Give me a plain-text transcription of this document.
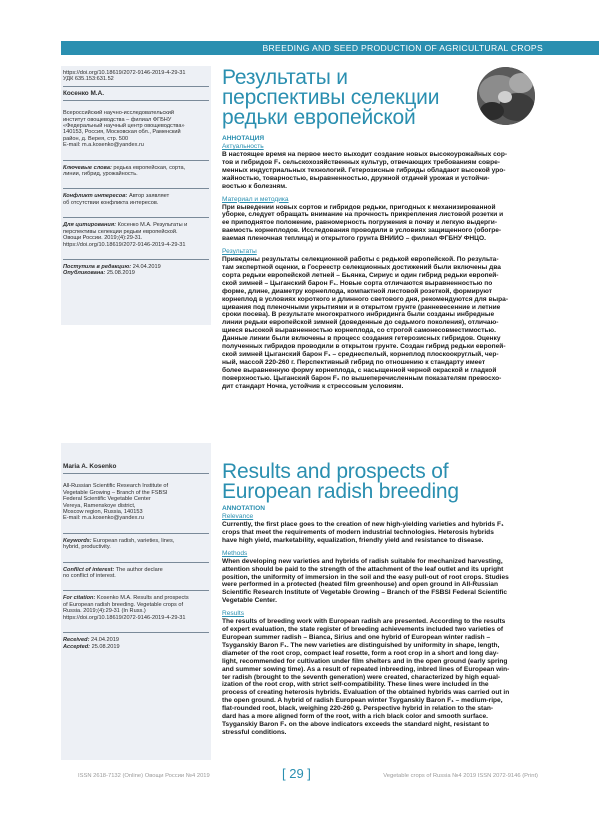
BREEDING AND SEED PRODUCTION OF AGRICULTURAL CROPS

https://doi.org/10.18619/2072-9146-2019-4-29-31

УДК 635.153:631.52

Косенко М.А.

Всероссийский научно-исследовательский
институт овощеводства – филиал ФГБНУ
«Федеральный научный центр овощеводства»
140153, Россия, Московская обл., Раменский
район, д. Верея, стр. 500
E-mail: m.a.kosenko@yandex.ru
Ключевые слова: редька европейская, сорта,
линии, гибрид, урожайность.
Конфликт интересов: Автор заявляет
об отсутствии конфликта интересов.
Для цитирования: Косенко М.А. Результаты и
перспективы селекции редьки европейской.
Овощи России. 2019;(4):29-31.
https://doi.org/10.18619/2072-9146-2019-4-29-31
Поступила в редакцию: 24.04.2019
Опубликована: 25.08.2019
Результаты и
перспективы селекции
редьки европейской
АННОТАЦИЯ
Актуальность
В настоящее время на первое место выходит создание новых высокоурожайных сор-
тов и гибридов F₁ сельскохозяйственных культур, отвечающих требованиям совре-
менных индустриальных технологий. Гетерозисные гибриды обладают высокой уро-
жайностью, товарностью, выравненностью, дружной отдачей урожая и устойчи-
востью к болезням.
Материал и методика
При выведении новых сортов и гибридов редьки, пригодных к механизированной
уборке, следует обращать внимание на прочность прикрепления листовой розетки и
ее приподнятое положение, равномерность погружения в почву и легкую выдерги-
ваемость корнеплодов. Исследования проводили в условиях защищенного (обогре-
ваемая пленочная теплица) и открытого грунта ВНИИО – филиал ФГБНУ ФНЦО.
Результаты
Приведены результаты селекционной работы с редькой европейской. По результа-
там экспертной оценки, в Госреестр селекционных достижений были включены два
сорта редьки европейской летней – Бьянка, Сириус и один гибрид редьки европей-
ской зимней – Цыганский барон F₁. Новые сорта отличаются выравненностью по
форме, длине, диаметру корнеплода, компактной листовой розеткой, формируют
корнеплод в условиях короткого и длинного светового дня, рекомендуются для выра-
щивания под пленочными укрытиями и в открытом грунте (ранневесенние и летние
сроки посева). В результате многократного инбридинга были созданы инбредные
линии редьки европейской зимней (доведенные до седьмого поколения), отличаю-
щиеся высокой выравненностью корнеплода, со строгой самонесовместимостью.
Данные линии были включены в процесс создания гетерозисных гибридов. Оценку
полученных гибридов проводили в открытом грунте. Создан гибрид редьки европей-
ской зимней Цыганский барон F₁ – среднеспелый, корнеплод плоскоокруглый, чер-
ный, массой 220-260 г. Перспективный гибрид по отношению к стандарту имеет
более выравненную форму корнеплода, с насыщенной черной окраской и гладкой
поверхностью. Цыганский барон F₁ по вышеперечисленным показателям превосхо-
дит стандарт Ночка, устойчив к стрессовым условиям.

Maria A. Kosenko

All-Russian Scientific Research Institute of
Vegetable Growing – Branch of the FSBSI
Federal Scientific Vegetable Center
Vereya, Ramenskoye district,
Moscow region, Russia, 140153
E-mail: m.a.kosenko@yandex.ru
Keywords: European radish, varieties, lines,
hybrid, productivity.
Conflict of interest: The author declare
no conflict of interest.
For citation: Kosenko M.A. Results and prospects
of European radish breeding. Vegetable crops of
Russia. 2019;(4):29-31 (In Russ.)
https://doi.org/10.18619/2072-9146-2019-4-29-31
Received: 24.04.2019
Accepted: 25.08.2019
Results and prospects of
European radish breeding
ANNOTATION
Relevance
Currently, the first place goes to the creation of new high-yielding varieties and hybrids F₁
crops that meet the requirements of modern industrial technologies. Heterosis hybrids
have high yield, marketability, equalization, friendly yield and resistance to disease.
Methods
When developing new varieties and hybrids of radish suitable for mechanized harvesting,
attention should be paid to the strength of the attachment of the leaf outlet and its upright
position, the uniformity of immersion in the soil and the easy pull-out of root crops. Studies
were performed in a protected (heated film greenhouse) and open ground in All-Russian
Scientific Research Institute of Vegetable Growing – Branch of the FSBSI Federal Scientific
Vegetable Center.
Results
The results of breeding work with European radish are presented. According to the results
of expert evaluation, the state register of breeding achievements included two varieties of
European summer radish – Bianca, Sirius and one hybrid of European winter radish –
Tsyganskiy Baron F₁. The new varieties are distinguished by uniformity in shape, length,
diameter of the root crop, compact leaf rosette, form a root crop in a short and long day-
light, recommended for cultivation under film shelters and in the open ground (early spring
and summer sowing time). As a result of repeated inbreeding, inbred lines of European win-
ter radish (brought to the seventh generation) were created, characterized by high equal-
ization of the root crop, with strict self-compatibility. These lines were included in the
process of creating heterosis hybrids. Evaluation of the obtained hybrids was carried out in
the open ground. A hybrid of radish European winter Tsyganskiy Baron F₁ – medium-ripe,
flat-rounded root, black, weighing 220-260 g. Perspective hybrid in relation to the stan-
dard has a more aligned form of the root, with a rich black color and smooth surface.
Tsyganskiy Baron F₁ on the above indicators exceeds the standard night, resistant to
stressful conditions.
ISSN 2618-7132 (Online) Овощи России №4 2019	[ 29 ]	Vegetable crops of Russia №4 2019 ISSN 2072-9146 (Print)
